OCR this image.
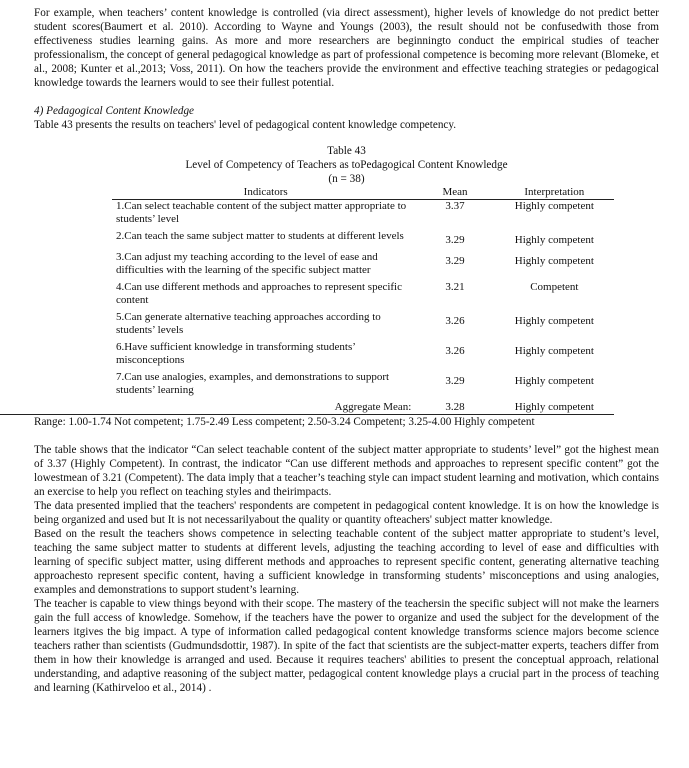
For example, when teachers’ content knowledge is controlled (via direct assessment), higher levels of knowledge do not predict better student scores(Baumert et al. 2010). According to Wayne and Youngs (2003), the result should not be confusedwith those from effectiveness studies learning gains. As more and more researchers are beginningto conduct the empirical studies of teacher professionalism, the concept of general pedagogical knowledge as part of professional competence is becoming more relevant (Blomeke, et al., 2008; Kunter et al.,2013; Voss, 2011). On how the teachers provide the environment and effective teaching strategies or pedagogical knowledge towards the learners would to see their fullest potential.

4) Pedagogical Content Knowledge

Table 43 presents the results on teachers' level of pedagogical content knowledge competency.

Table 43

Level of Competency of Teachers as toPedagogical Content Knowledge

(n = 38)

Indicators	Mean	Interpretation
1.Can select teachable content of the subject matter appropriate to students’ level	3.37	Highly competent
2.Can teach the same subject matter to students at different levels	3.29	Highly competent
3.Can adjust my teaching according to the level of ease and difficulties with the learning of the specific subject matter	3.29	Highly competent
4.Can use different methods and approaches to represent specific content	3.21	Competent
5.Can generate alternative teaching approaches according to students’ levels	3.26	Highly competent
6.Have sufficient knowledge in transforming students’ misconceptions	3.26	Highly competent
7.Can use analogies, examples, and demonstrations to support students’ learning	3.29	Highly competent
Aggregate Mean:	3.28	Highly competent

Range: 1.00-1.74 Not competent; 1.75-2.49 Less competent; 2.50-3.24 Competent; 3.25-4.00 Highly competent

The table shows that the indicator “Can select teachable content of the subject matter appropriate to students’ level” got the highest mean of 3.37 (Highly Competent). In contrast, the indicator “Can use different methods and approaches to represent specific content” got the lowestmean of 3.21 (Competent). The data imply that a teacher’s teaching style can impact student learning and motivation, which contains an exercise to help you reflect on teaching styles and theirimpacts.

The data presented implied that the teachers' respondents are competent in pedagogical content knowledge. It is on how the knowledge is being organized and used but It is not necessarilyabout the quality or quantity ofteachers' subject matter knowledge.

Based on the result the teachers shows competence in selecting teachable content of the subject matter appropriate to student’s level, teaching the same subject matter to students at different levels, adjusting the teaching according to level of ease and difficulties with learning of specific subject matter, using different methods and approaches to represent specific content, generating alternative teaching approachesto represent specific content, having a sufficient knowledge in transforming students’ misconceptions and using analogies, examples and demonstrations to support student’s learning.

The teacher is capable to view things beyond with their scope. The mastery of the teachersin the specific subject will not make the learners gain the full access of knowledge. Somehow, if the teachers have the power to organize and used the subject for the development of the learners itgives the big impact. A type of information called pedagogical content knowledge transforms science majors become science teachers rather than scientists (Gudmundsdottir, 1987). In spite of the fact that scientists are the subject-matter experts, teachers differ from them in how their knowledge is arranged and used. Because it requires teachers' abilities to present the conceptual approach, relational understanding, and adaptive reasoning of the subject matter, pedagogical content knowledge plays a crucial part in the process of teaching and learning (Kathirveloo et al., 2014) .
